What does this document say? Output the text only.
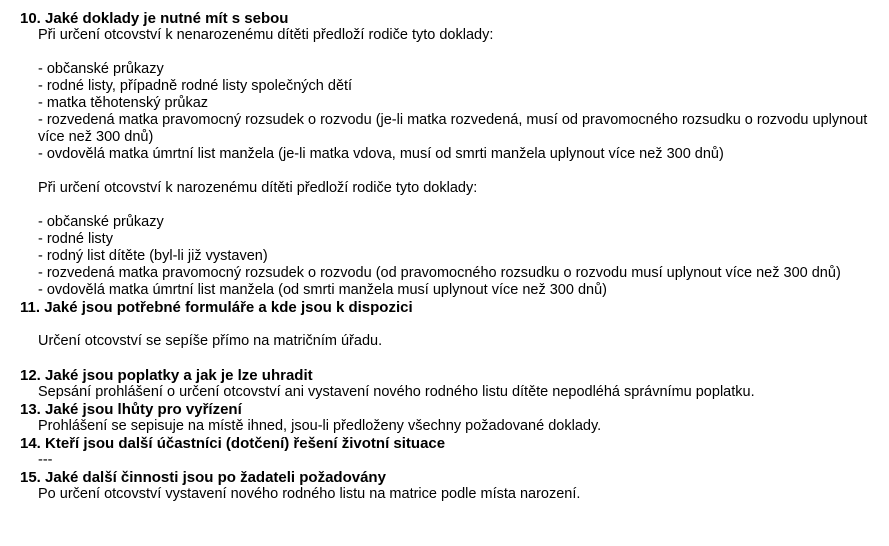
10. Jaké doklady je nutné mít s sebou
Při určení otcovství k nenarozenému dítěti předloží rodiče tyto doklady:
- občanské průkazy
- rodné listy, případně rodné listy společných dětí
- matka těhotenský průkaz
- rozvedená matka pravomocný rozsudek o rozvodu (je-li matka rozvedená, musí od pravomocného rozsudku o rozvodu uplynout více než 300 dnů)
- ovdovělá matka úmrtní list manžela (je-li matka vdova, musí od smrti manžela uplynout více než 300 dnů)
Při určení otcovství k narozenému dítěti předloží rodiče tyto doklady:
- občanské průkazy
- rodné listy
- rodný list dítěte (byl-li již vystaven)
- rozvedená matka pravomocný rozsudek o rozvodu (od pravomocného rozsudku o rozvodu musí uplynout více než 300 dnů)
- ovdovělá matka úmrtní list manžela (od smrti manžela musí uplynout více než 300 dnů)
11. Jaké jsou potřebné formuláře a kde jsou k dispozici
Určení otcovství se sepíše přímo na matričním úřadu.
12. Jaké jsou poplatky a jak je lze uhradit
Sepsání prohlášení o určení otcovství ani vystavení nového rodného listu dítěte nepodléhá správnímu poplatku.
13. Jaké jsou lhůty pro vyřízení
Prohlášení se sepisuje na místě ihned, jsou-li předloženy všechny požadované doklady.
14. Kteří jsou další účastníci (dotčení) řešení životní situace
---
15. Jaké další činnosti jsou po žadateli požadovány
Po určení otcovství vystavení nového rodného listu na matrice podle místa narození.
